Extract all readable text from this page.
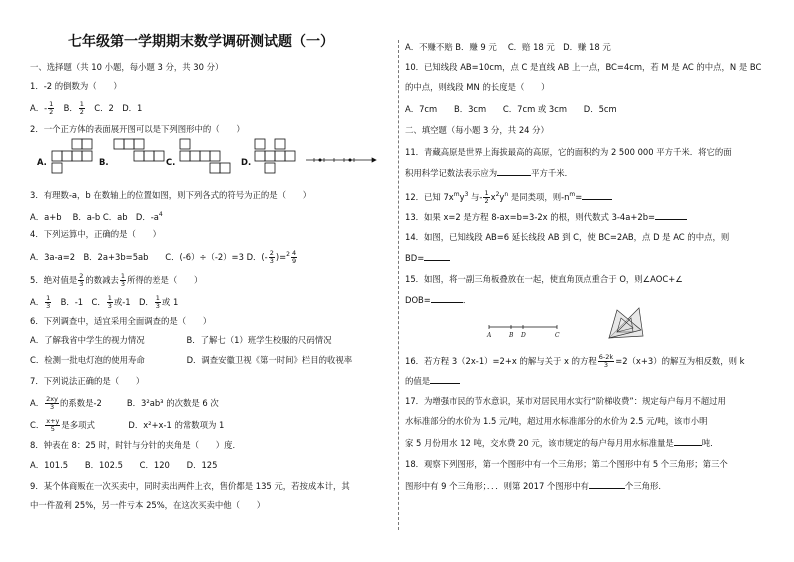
七年级第一学期期末数学调研测试题（一）
一、选择题（共 10 小题，每小题 3 分，共 30 分）
1．-2 的倒数为（　　）
A．- $\frac{1}{2}$ 　B． $\frac{1}{2}$ 　C．2　D．1
2．一个正方体的表面展开图可以是下列图形中的（　　）
A.	B.	C.	D.
3．有理数-a，b 在数轴上的位置如图，则下列各式的符号为正的是（　　）
A．a+b　 B．a-b C．ab　D．$-a^4$
4．下列运算中，正确的是（　　）
A．3a-a=2　B．2a+3b=5ab　　C．(-6）÷（-2）=3 D．(- $\frac{2}{3} )=^2 \frac{4}{9}$
5．绝对值是 $\frac{2}{3}$ 的数减去 $\frac{1}{3}$ 所得的差是（　　）
A． $\frac{1}{3}$ 　B．-1　C． $\frac{1}{3}$ 或-1　D． $\frac{1}{3}$ 或 1
6．下列调查中，适宜采用全面调查的是（　　）
A．了解我省中学生的视力情况　　　　　B．了解七（1）班学生校服的尺码情况
C．检测一批电灯泡的使用寿命　　　　　D．调查安徽卫视《第一时间》栏目的收视率
7．下列说法正确的是（　　）
A． $\frac{2xy}{3}$ 的系数是-2　　　B．3²ab³ 的次数是 6 次
C． $\frac{x+y}{5}$ 是多项式　　　　D．x²+x-1 的常数项为 1
8．钟表在 8：25 时，时针与分针的夹角是（　　）度．
A．101.5　　B．102.5　　C．120　　D．125
9．某个体商贩在一次买卖中，同时卖出两件上衣，售价都是 135 元，若按成本计，其
中一件盈利 25%，另一件亏本 25%，在这次买卖中他（　　）
A．不赚不赔 B．赚 9 元　 C．赔 18 元　D．赚 18 元
10．已知线段 AB=10cm，点 C 是直线 AB 上一点，BC=4cm，若 M 是 AC 的中点，N 是 BC
的中点，则线段 MN 的长度是（　　）
A．7cm　　B．3cm　　C．7cm 或 3cm　　D．5cm
二、填空题（每小题 3 分，共 24 分）
11．青藏高原是世界上海拔最高的高原，它的面积约为 2 500 000 平方千米．将它的面
积用科学记数法表示应为	平方千米．
12．已知 $7x^my^3$ 与- $\frac{1}{2} x^2y^n$ 是同类项，则$-n^m=$
13．如果 x=2 是方程 8-ax=b=3-2x 的根，则代数式 3-4a+2b=
14．如图，已知线段 AB=6 延长线段 AB 到 C，使 BC=2AB，点 D 是 AC 的中点，则
BD=
15．如图，将一副三角板叠放在一起，使直角顶点重合于 O，则∠AOC+∠
DOB=	．
A	B D	C
16．若方程 3（2x-1）=2+x 的解与关于 x 的方程 $\frac{6-2k}{3} =2(x+3)$的解互为相反数，则 k
的值是
17．为增强市民的节水意识，某市对居民用水实行“阶梯收费”：规定每户每月不超过用
水标准部分的水价为 1.5 元/吨，超过用水标准部分的水价为 2.5 元/吨，该市小明
家 5 月份用水 12 吨，交水费 20 元，该市规定的每户每月用水标准量是	吨．
18．观察下列图形，第一个图形中有一个三角形；第二个图形中有 5 个三角形；第三个
图形中有 9 个三角形；．．．则第 2017 个图形中有	个三角形．
